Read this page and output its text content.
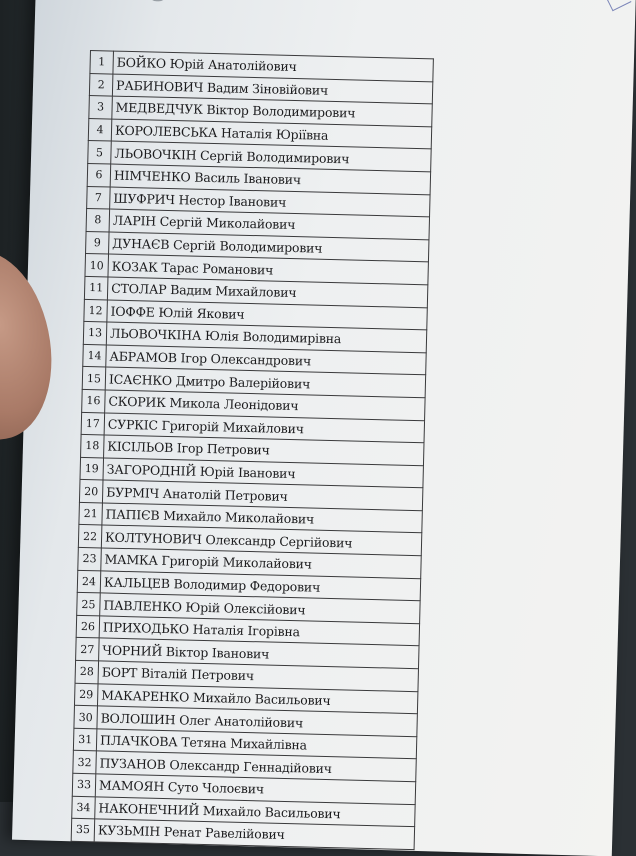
1	БОЙКО Юрій Анатолійович
2	РАБИНОВИЧ Вадим Зіновійович
3	МЕДВЕДЧУК Віктор Володимирович
4	КОРОЛЕВСЬКА Наталія Юріївна
5	ЛЬОВОЧКІН Сергій Володимирович
6	НІМЧЕНКО Василь Іванович
7	ШУФРИЧ Нестор Іванович
8	ЛАРІН Сергій Миколайович
9	ДУНАЄВ Сергій Володимирович
10	КОЗАК Тарас Романович
11	СТОЛАР Вадим Михайлович
12	ІОФФЕ Юлій Якович
13	ЛЬОВОЧКІНА Юлія Володимирівна
14	АБРАМОВ Ігор Олександрович
15	ІСАЄНКО Дмитро Валерійович
16	СКОРИК Микола Леонідович
17	СУРКІС Григорій Михайлович
18	КІСІЛЬОВ Ігор Петрович
19	ЗАГОРОДНІЙ Юрій Іванович
20	БУРМІЧ Анатолій Петрович
21	ПАПІЄВ Михайло Миколайович
22	КОЛТУНОВИЧ Олександр Сергійович
23	МАМКА Григорій Миколайович
24	КАЛЬЦЕВ Володимир Федорович
25	ПАВЛЕНКО Юрій Олексійович
26	ПРИХОДЬКО Наталія Ігорівна
27	ЧОРНИЙ Віктор Іванович
28	БОРТ Віталій Петрович
29	МАКАРЕНКО Михайло Васильович
30	ВОЛОШИН Олег Анатолійович
31	ПЛАЧКОВА Тетяна Михайлівна
32	ПУЗАНОВ Олександр Геннадійович
33	МАМОЯН Суто Чолоєвич
34	НАКОНЕЧНИЙ Михайло Васильович
35	КУЗЬМІН Ренат Равелійович
